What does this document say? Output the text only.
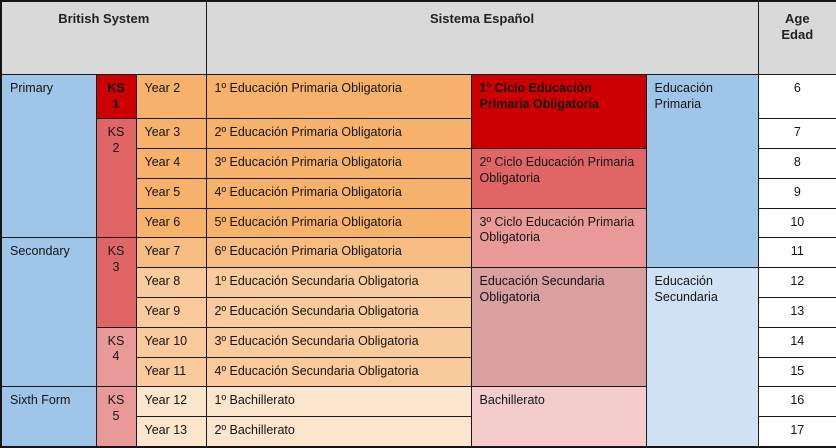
British System			Sistema Español			Age
Edad

Primary	KS1	Year 2	1º Educación Primaria Obligatoria	1º Ciclo Educación Primaria Obligatoria	Educación Primaria	6
	KS2	Year 3	2º Educación Primaria Obligatoria			7
		Year 4	3º Educación Primaria Obligatoria	2º Ciclo Educación Primaria Obligatoria		8
		Year 5	4º Educación Primaria Obligatoria			9
		Year 6	5º Educación Primaria Obligatoria	3º Ciclo Educación Primaria Obligatoria		10
Secondary	KS3	Year 7	6º Educación Primaria Obligatoria			11
		Year 8	1º Educación Secundaria Obligatoria	Educación Secundaria Obligatoria	Educación Secundaria	12
		Year 9	2º Educación Secundaria Obligatoria			13
	KS4	Year 10	3º Educación Secundaria Obligatoria			14
		Year 11	4º Educación Secundaria Obligatoria			15
Sixth Form	KS5	Year 12	1º Bachillerato	Bachillerato		16
		Year 13	2º Bachillerato			17
